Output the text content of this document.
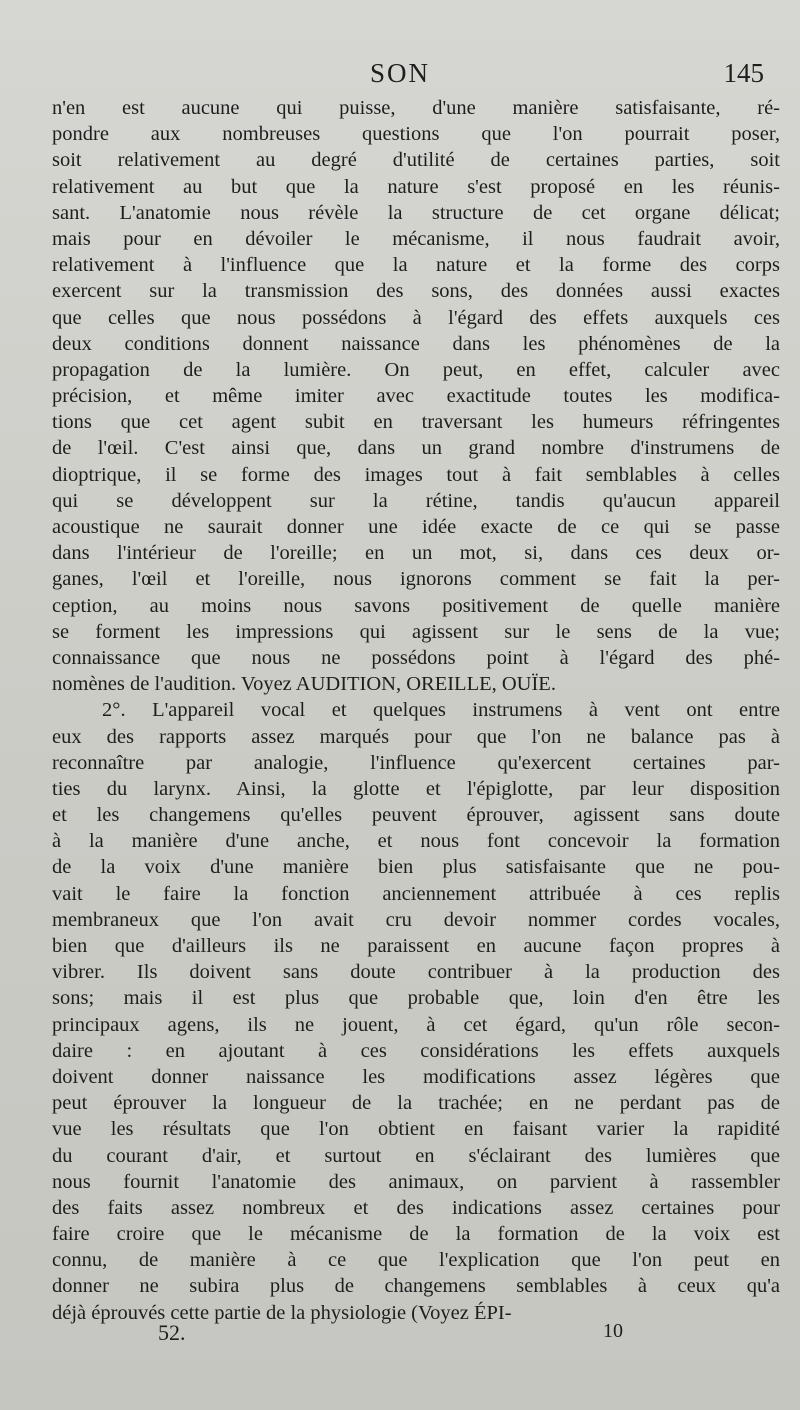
SON	145
n'en est aucune qui puisse, d'une manière satisfaisante, ré-
pondre aux nombreuses questions que l'on pourrait poser,
soit relativement au degré d'utilité de certaines parties, soit
relativement au but que la nature s'est proposé en les réunis-
sant. L'anatomie nous révèle la structure de cet organe délicat;
mais pour en dévoiler le mécanisme, il nous faudrait avoir,
relativement à l'influence que la nature et la forme des corps
exercent sur la transmission des sons, des données aussi exactes
que celles que nous possédons à l'égard des effets auxquels ces
deux conditions donnent naissance dans les phénomènes de la
propagation de la lumière. On peut, en effet, calculer avec
précision, et même imiter avec exactitude toutes les modifica-
tions que cet agent subit en traversant les humeurs réfringentes
de l'œil. C'est ainsi que, dans un grand nombre d'instrumens de
dioptrique, il se forme des images tout à fait semblables à celles
qui se développent sur la rétine, tandis qu'aucun appareil
acoustique ne saurait donner une idée exacte de ce qui se passe
dans l'intérieur de l'oreille; en un mot, si, dans ces deux or-
ganes, l'œil et l'oreille, nous ignorons comment se fait la per-
ception, au moins nous savons positivement de quelle manière
se forment les impressions qui agissent sur le sens de la vue;
connaissance que nous ne possédons point à l'égard des phé-
nomènes de l'audition. Voyez AUDITION, OREILLE, OUÏE.
2°. L'appareil vocal et quelques instrumens à vent ont entre
eux des rapports assez marqués pour que l'on ne balance pas à
reconnaître par analogie, l'influence qu'exercent certaines par-
ties du larynx. Ainsi, la glotte et l'épiglotte, par leur disposition
et les changemens qu'elles peuvent éprouver, agissent sans doute
à la manière d'une anche, et nous font concevoir la formation
de la voix d'une manière bien plus satisfaisante que ne pou-
vait le faire la fonction anciennement attribuée à ces replis
membraneux que l'on avait cru devoir nommer cordes vocales,
bien que d'ailleurs ils ne paraissent en aucune façon propres à
vibrer. Ils doivent sans doute contribuer à la production des
sons; mais il est plus que probable que, loin d'en être les
principaux agens, ils ne jouent, à cet égard, qu'un rôle secon-
daire : en ajoutant à ces considérations les effets auxquels
doivent donner naissance les modifications assez légères que
peut éprouver la longueur de la trachée; en ne perdant pas de
vue les résultats que l'on obtient en faisant varier la rapidité
du courant d'air, et surtout en s'éclairant des lumières que
nous fournit l'anatomie des animaux, on parvient à rassembler
des faits assez nombreux et des indications assez certaines pour
faire croire que le mécanisme de la formation de la voix est
connu, de manière à ce que l'explication que l'on peut en
donner ne subira plus de changemens semblables à ceux qu'a
déjà éprouvés cette partie de la physiologie (Voyez ÉPI-
52.	10
